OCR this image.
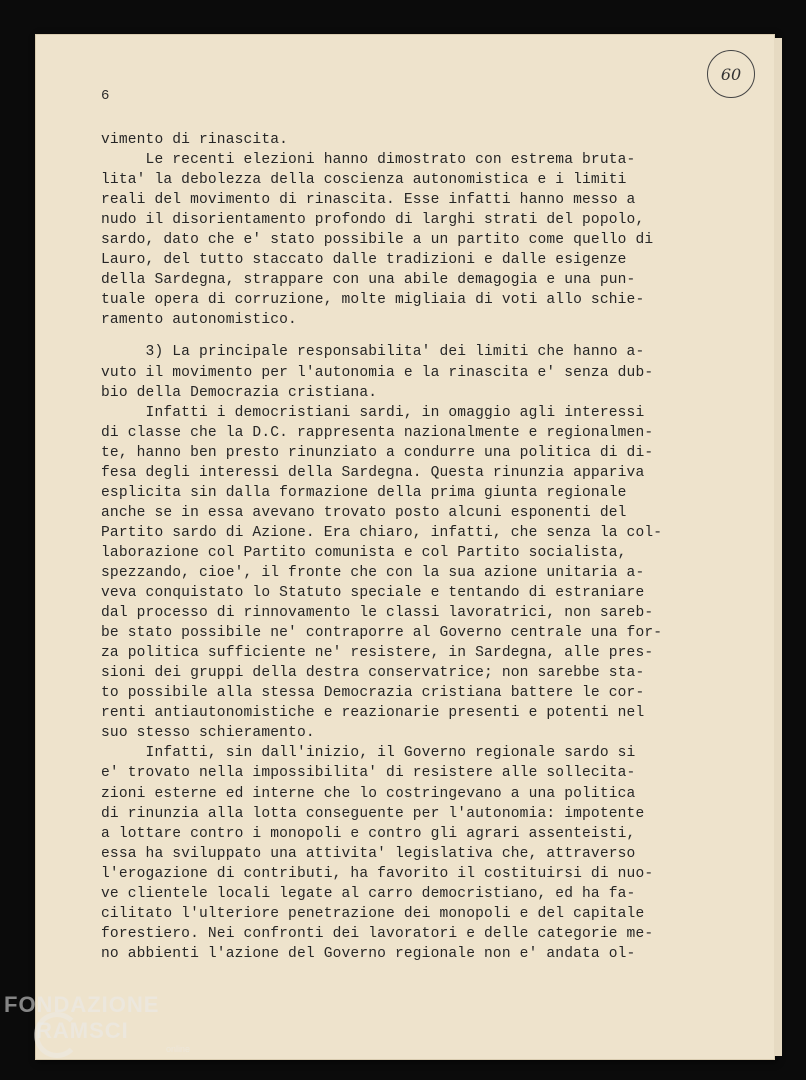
6
60
vimento di rinascita.
Le recenti elezioni hanno dimostrato con estrema bruta-
lita' la debolezza della coscienza autonomistica e i limiti
reali del movimento di rinascita. Esse infatti hanno messo a
nudo il disorientamento profondo di larghi strati del popolo,
sardo, dato che e' stato possibile a un partito come quello di
Lauro, del tutto staccato dalle tradizioni e dalle esigenze
della Sardegna, strappare con una abile demagogia e una pun-
tuale opera di corruzione, molte migliaia di voti allo schie-
ramento autonomistico.
3) La principale responsabilita' dei limiti che hanno a-
vuto il movimento per l'autonomia e la rinascita e' senza dub-
bio della Democrazia cristiana.
Infatti i democristiani sardi, in omaggio agli interessi
di classe che la D.C. rappresenta nazionalmente e regionalmen-
te, hanno ben presto rinunziato a condurre una politica di di-
fesa degli interessi della Sardegna. Questa rinunzia appariva
esplicita sin dalla formazione della prima giunta regionale
anche se in essa avevano trovato posto alcuni esponenti del
Partito sardo di Azione. Era chiaro, infatti, che senza la col-
laborazione col Partito comunista e col Partito socialista,
spezzando, cioe', il fronte che con la sua azione unitaria a-
veva conquistato lo Statuto speciale e tentando di estraniare
dal processo di rinnovamento le classi lavoratrici, non sareb-
be stato possibile ne' contraporre al Governo centrale una for-
za politica sufficiente ne' resistere, in Sardegna, alle pres-
sioni dei gruppi della destra conservatrice; non sarebbe sta-
to possibile alla stessa Democrazia cristiana battere le cor-
renti antiautonomistiche e reazionarie presenti e potenti nel
suo stesso schieramento.
Infatti, sin dall'inizio, il Governo regionale sardo si
e' trovato nella impossibilita' di resistere alle sollecita-
zioni esterne ed interne che lo costringevano a una politica
di rinunzia alla lotta conseguente per l'autonomia: impotente
a lottare contro i monopoli e contro gli agrari assenteisti,
essa ha sviluppato una attivita' legislativa che, attraverso
l'erogazione di contributi, ha favorito il costituirsi di nuo-
ve clientele locali legate al carro democristiano, ed ha fa-
cilitato l'ulteriore penetrazione dei monopoli e del capitale
forestiero. Nei confronti dei lavoratori e delle categorie me-
no abbienti l'azione del Governo regionale non e' andata ol-
FONDAZIONE
RAMSCI
online
